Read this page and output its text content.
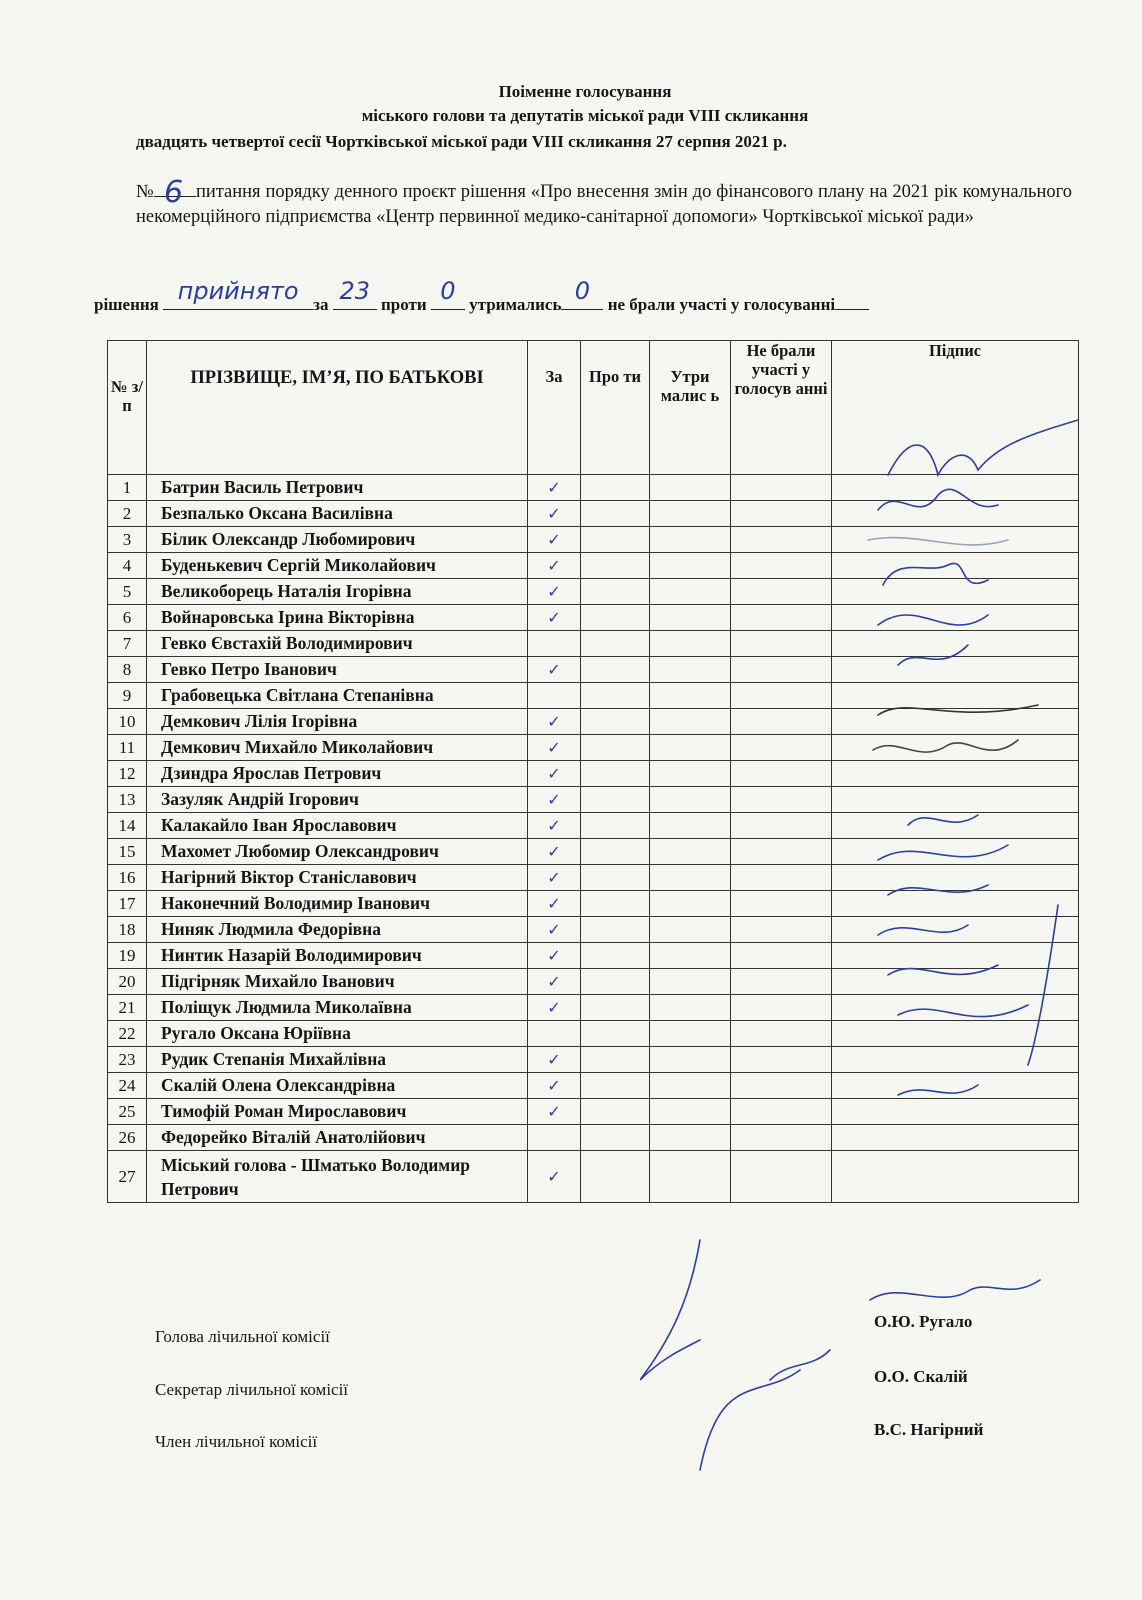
Поіменне голосування
міського голови та депутатів міської ради VIII скликання
двадцять четвертої сесії Чортківської міської ради VIII скликання 27 серпня 2021 р.
№ 6 питання порядку денного проєкт рішення «Про внесення змін до фінансового плану на 2021 рік комунального некомерційного підприємства «Центр первинної медико-санітарної допомоги» Чортківської міської ради»
рішення прийнято за 23 проти 0 утримались 0	не брали участі у голосуванні
№ з/п	ПРІЗВИЩЕ, ІМ’Я, ПО БАТЬКОВІ	За	Про ти	Утри малис ь	Не брали участі у голосув анні	Підпис
1	Батрин Василь Петрович	✓				
2	Безпалько Оксана Василівна	✓				
3	Білик Олександр Любомирович	✓				
4	Буденькевич Сергій Миколайович	✓				
5	Великоборець Наталія Ігорівна	✓				
6	Войнаровська Ірина Вікторівна	✓				
7	Гевко Євстахій Володимирович					
8	Гевко Петро Іванович	✓				
9	Грабовецька Світлана Степанівна					
10	Демкович Лілія Ігорівна	✓				
11	Демкович Михайло Миколайович	✓				
12	Дзиндра Ярослав Петрович	✓				
13	Зазуляк Андрій Ігорович	✓				
14	Калакайло Іван Ярославович	✓				
15	Махомет Любомир Олександрович	✓				
16	Нагірний Віктор Станіславович	✓				
17	Наконечний Володимир Іванович	✓				
18	Ниняк Людмила Федорівна	✓				
19	Нинтик Назарій Володимирович	✓				
20	Підгірняк Михайло Іванович	✓				
21	Поліщук Людмила Миколаївна	✓				
22	Ругало Оксана Юріївна					
23	Рудик Степанія Михайлівна	✓				
24	Скалій Олена Олександрівна	✓				
25	Тимофій Роман Мирославович	✓				
26	Федорейко Віталій Анатолійович					
27	Міський голова - Шматько Володимир Петрович	✓				
Голова лічильної комісії
Секретар лічильної комісії
Член лічильної комісії
О.Ю. Ругало
О.О. Скалій
В.С. Нагірний
